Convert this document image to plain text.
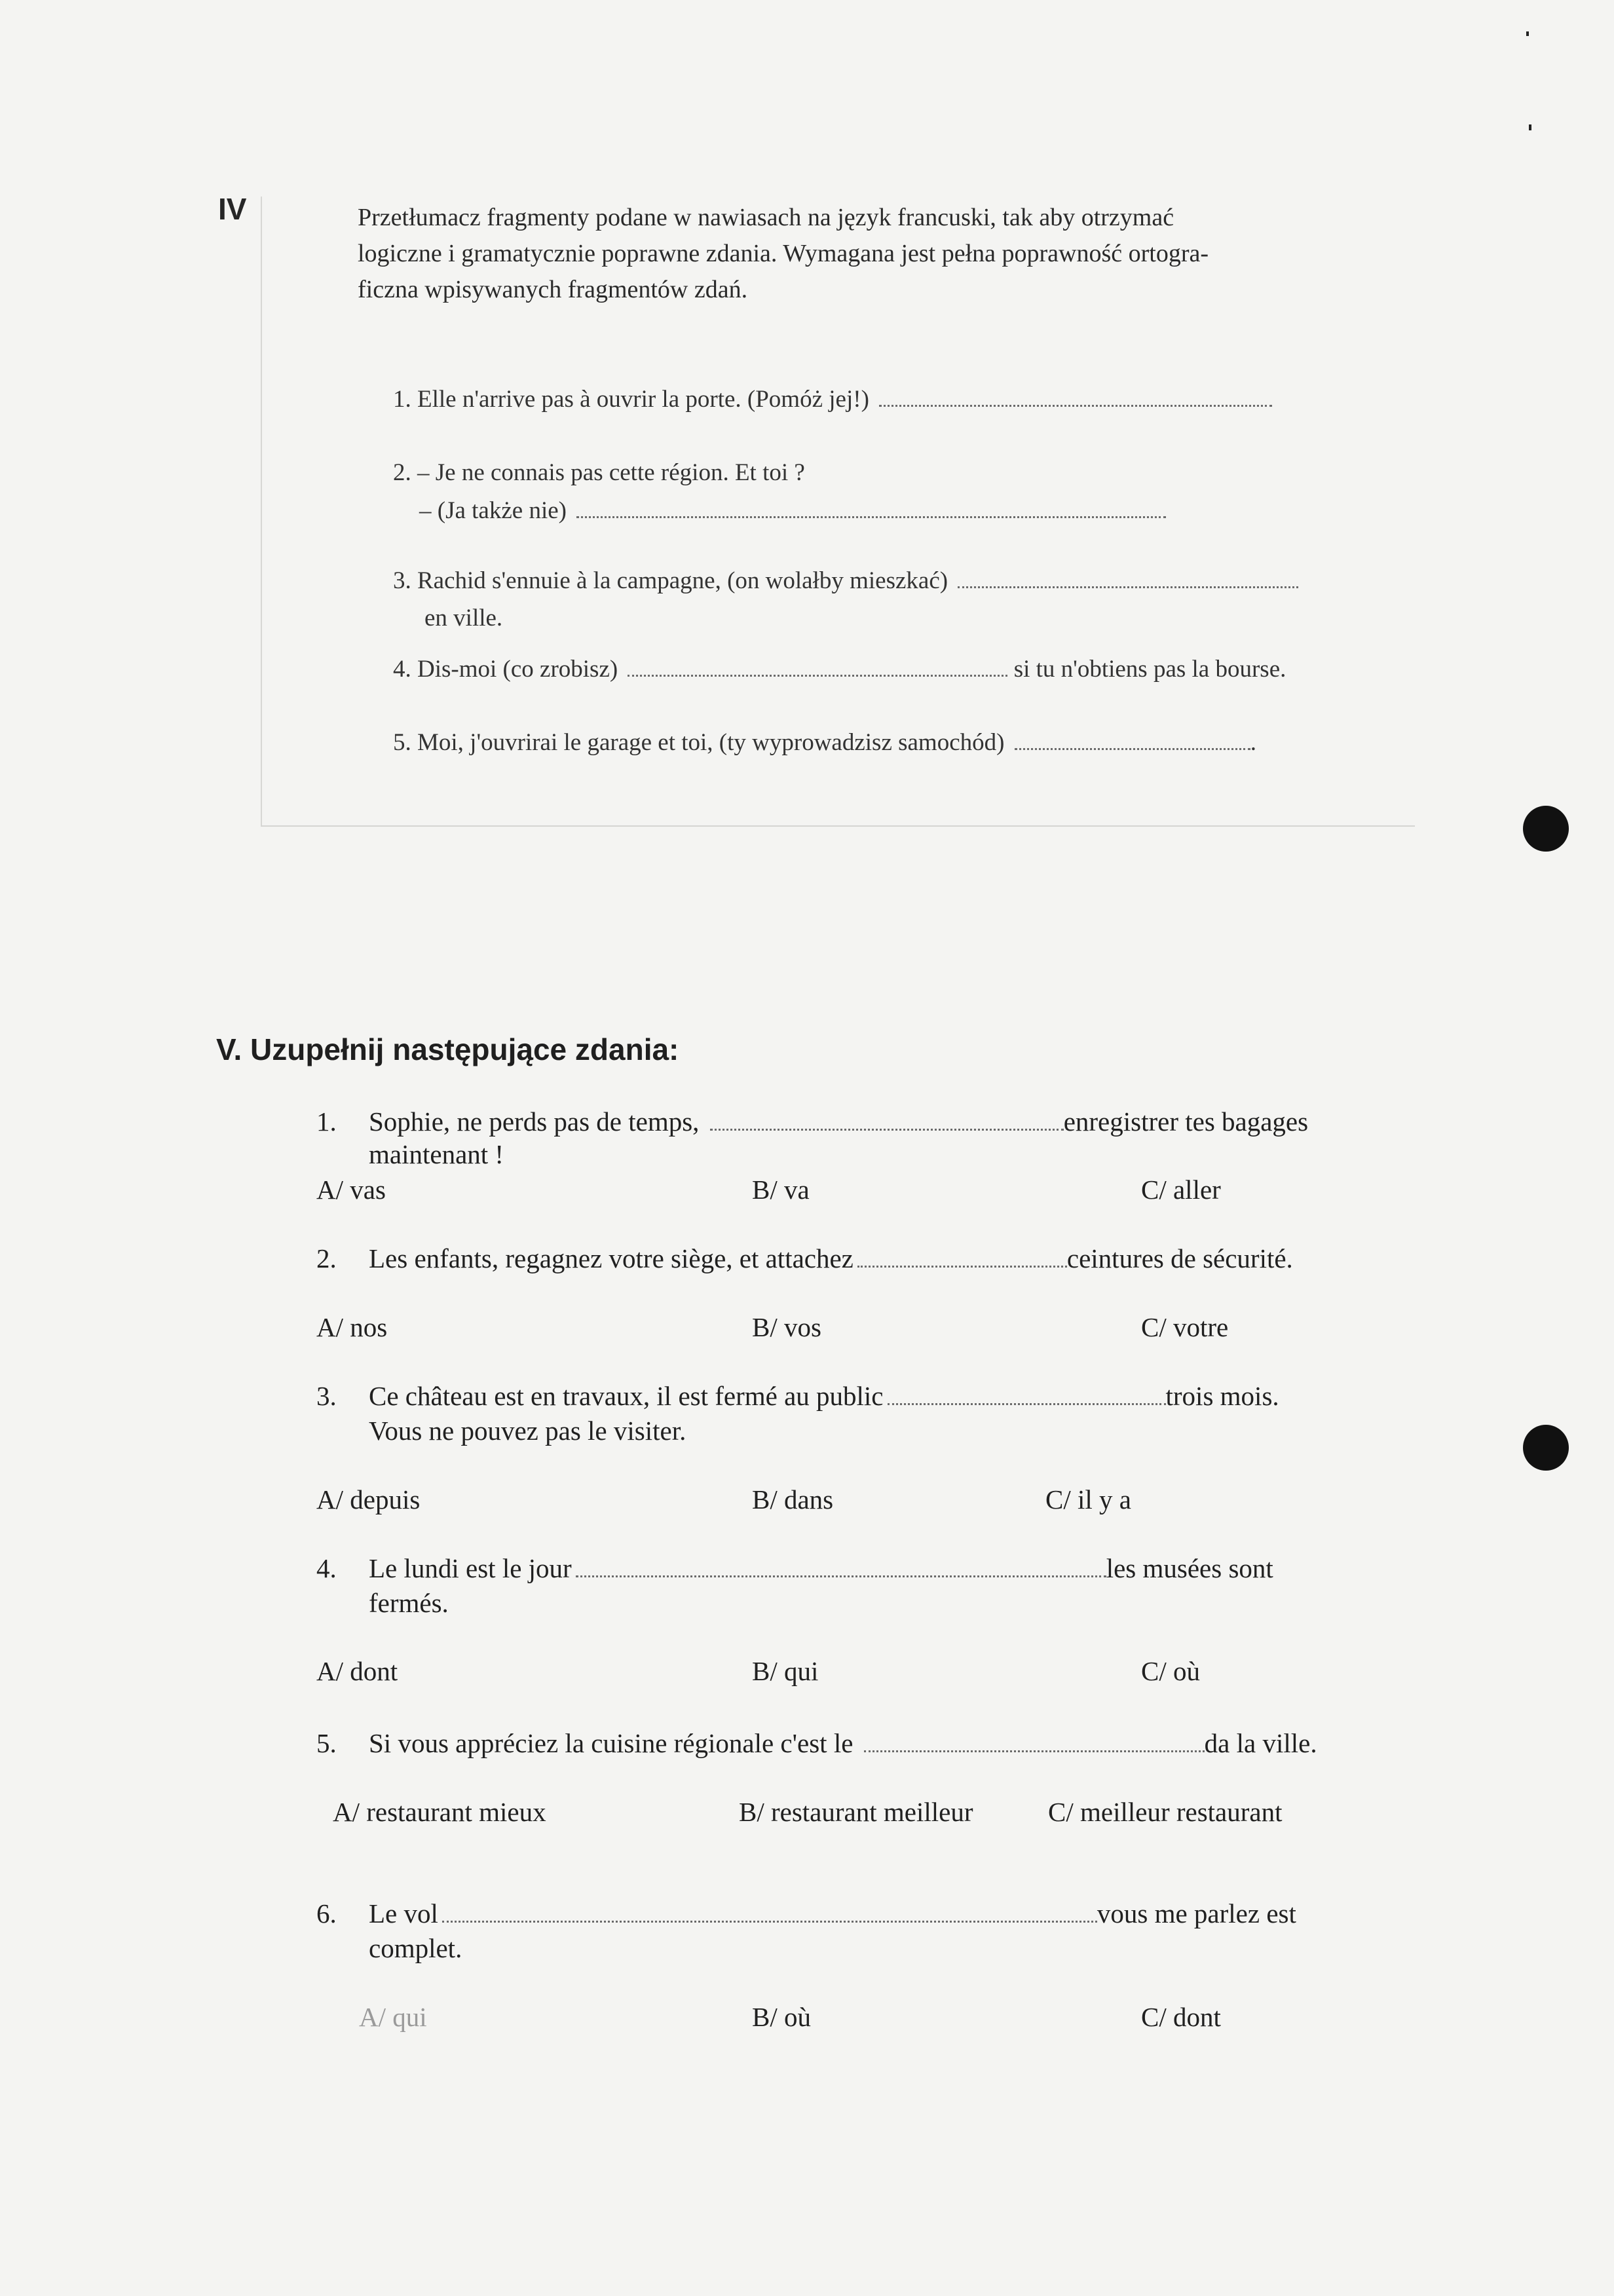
IV	Przetłumacz fragmenty podane w nawiasach na język francuski, tak aby otrzymać
logiczne i gramatycznie poprawne zdania. Wymagana jest pełna poprawność ortogra-
ficzna wpisywanych fragmentów zdań.
1. Elle n'arrive pas à ouvrir la porte. (Pomóż jej!)
2. – Je ne connais pas cette région. Et toi ?
– (Ja także nie)
3. Rachid s'ennuie à la campagne, (on wolałby mieszkać)
en ville.
4. Dis-moi (co zrobisz)	si tu n'obtiens pas la bourse.
5. Moi, j'ouvrirai le garage et toi, (ty wyprowadzisz samochód)	.
V. Uzupełnij następujące zdania:
1. Sophie, ne perds pas de temps,	enregistrer tes bagages
maintenant !
A/ vas	B/ va	C/ aller
2. Les enfants, regagnez votre siège, et attachez	ceintures de sécurité.
A/ nos	B/ vos	C/ votre
3. Ce château est en travaux, il est fermé au public	trois mois.
Vous ne pouvez pas le visiter.
A/ depuis	B/ dans	C/ il y a
4. Le lundi est le jour	les musées sont
fermés.
A/ dont	B/ qui	C/ où
5. Si vous appréciez la cuisine régionale c'est le	da la ville.
A/ restaurant mieux	B/ restaurant meilleur	C/ meilleur restaurant
6. Le vol	vous me parlez est
complet.
A/ qui	B/ où	C/ dont
